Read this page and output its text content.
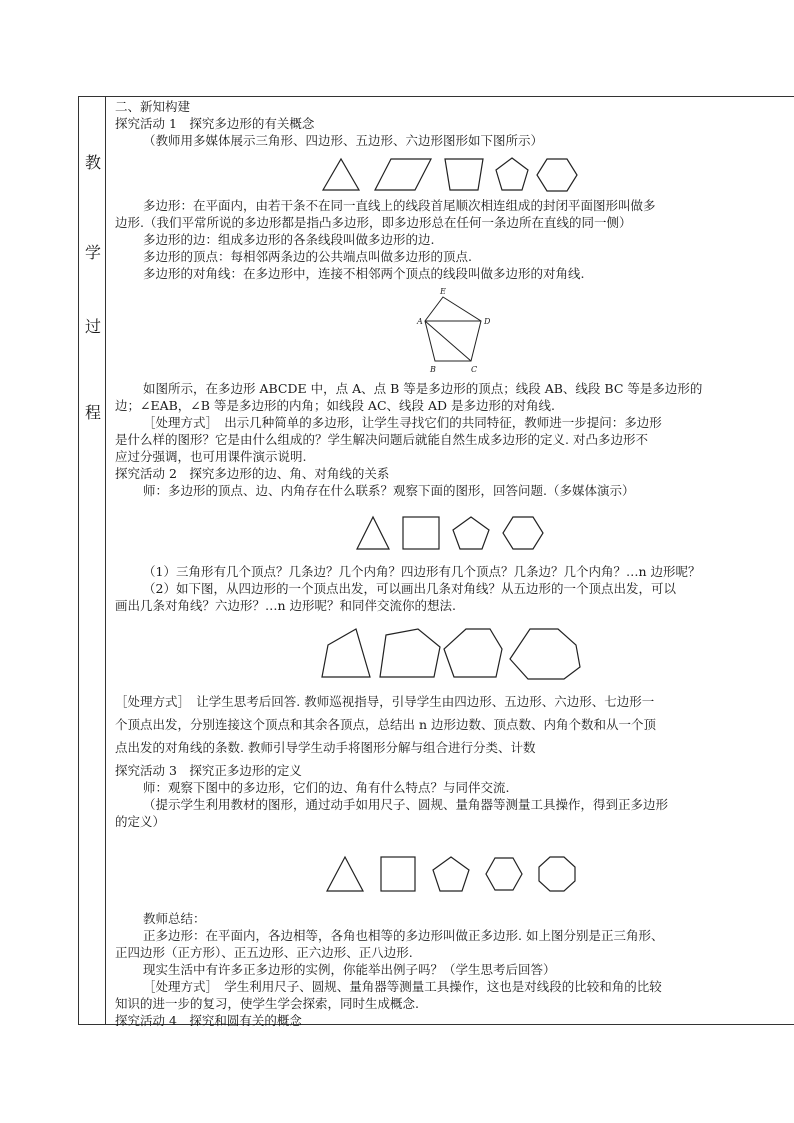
教
学
过
程

二、新知构建

探究活动 1　探究多边形的有关概念

（教师用多媒体展示三角形、四边形、五边形、六边形图形如下图所示）

多边形：在平面内，由若干条不在同一直线上的线段首尾顺次相连组成的封闭平面图形叫做多

边形.（我们平常所说的多边形都是指凸多边形，即多边形总在任何一条边所在直线的同一侧）

多边形的边：组成多边形的各条线段叫做多边形的边.

多边形的顶点：每相邻两条边的公共端点叫做多边形的顶点.

多边形的对角线：在多边形中，连接不相邻两个顶点的线段叫做多边形的对角线.

E
A	D
B	C

如图所示，在多边形 ABCDE 中，点 A、点 B 等是多边形的顶点；线段 AB、线段 BC 等是多边形的

边；∠EAB，∠B 等是多边形的内角；如线段 AC、线段 AD 是多边形的对角线.

［处理方式］　出示几种简单的多边形，让学生寻找它们的共同特征，教师进一步提问：多边形

是什么样的图形？它是由什么组成的？学生解决问题后就能自然生成多边形的定义. 对凸多边形不

应过分强调，也可用课件演示说明.

探究活动 2　探究多边形的边、角、对角线的关系

师：多边形的顶点、边、内角存在什么联系？观察下面的图形，回答问题.（多媒体演示）

（1）三角形有几个顶点？几条边？几个内角？四边形有几个顶点？几条边？几个内角？…n 边形呢？

（2）如下图，从四边形的一个顶点出发，可以画出几条对角线？从五边形的一个顶点出发，可以

画出几条对角线？六边形？…n 边形呢？和同伴交流你的想法.

［处理方式］　让学生思考后回答. 教师巡视指导，引导学生由四边形、五边形、六边形、七边形一

个顶点出发，分别连接这个顶点和其余各顶点，总结出 n 边形边数、顶点数、内角个数和从一个顶

点出发的对角线的条数. 教师引导学生动手将图形分解与组合进行分类、计数

探究活动 3　探究正多边形的定义

师：观察下图中的多边形，它们的边、角有什么特点？与同伴交流.

（提示学生利用教材的图形，通过动手如用尺子、圆规、量角器等测量工具操作，得到正多边形

的定义）

教师总结：

正多边形：在平面内，各边相等，各角也相等的多边形叫做正多边形. 如上图分别是正三角形、

正四边形（正方形）、正五边形、正六边形、正八边形.

现实生活中有许多正多边形的实例，你能举出例子吗？（学生思考后回答）

［处理方式］　学生利用尺子、圆规、量角器等测量工具操作，这也是对线段的比较和角的比较

知识的进一步的复习，使学生学会探索，同时生成概念.

探究活动 4　探究和圆有关的概念
